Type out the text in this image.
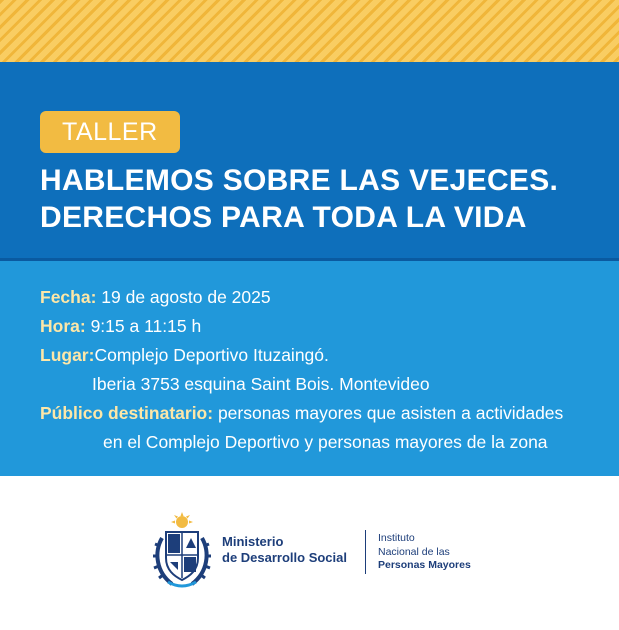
TALLER
HABLEMOS SOBRE LAS VEJECES.
DERECHOS PARA TODA LA VIDA
Fecha: 19 de agosto de 2025
Hora: 9:15 a 11:15 h
Lugar:Complejo Deportivo Ituzaingó.
Iberia 3753 esquina Saint Bois. Montevideo
Público destinatario: personas mayores que asisten a actividades
en el Complejo Deportivo y personas mayores de la zona
Ministerio
de Desarrollo Social
Instituto
Nacional de las
Personas Mayores
